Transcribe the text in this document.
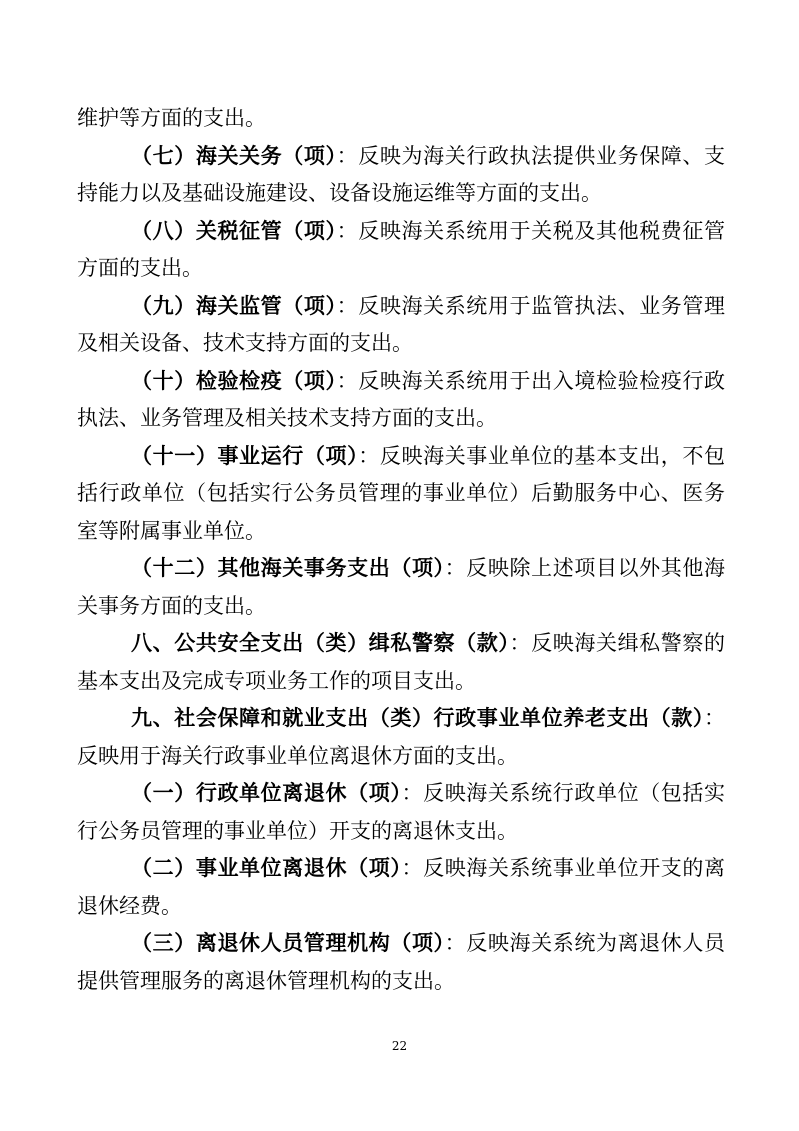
维护等方面的支出。

（七）海关关务（项）：反映为海关行政执法提供业务保障、支持能力以及基础设施建设、设备设施运维等方面的支出。

（八）关税征管（项）：反映海关系统用于关税及其他税费征管方面的支出。

（九）海关监管（项）：反映海关系统用于监管执法、业务管理及相关设备、技术支持方面的支出。

（十）检验检疫（项）：反映海关系统用于出入境检验检疫行政执法、业务管理及相关技术支持方面的支出。

（十一）事业运行（项）：反映海关事业单位的基本支出，不包括行政单位（包括实行公务员管理的事业单位）后勤服务中心、医务室等附属事业单位。

（十二）其他海关事务支出（项）：反映除上述项目以外其他海关事务方面的支出。

八、公共安全支出（类）缉私警察（款）：反映海关缉私警察的基本支出及完成专项业务工作的项目支出。

九、社会保障和就业支出（类）行政事业单位养老支出（款）：反映用于海关行政事业单位离退休方面的支出。

（一）行政单位离退休（项）：反映海关系统行政单位（包括实行公务员管理的事业单位）开支的离退休支出。

（二）事业单位离退休（项）：反映海关系统事业单位开支的离退休经费。

（三）离退休人员管理机构（项）：反映海关系统为离退休人员提供管理服务的离退休管理机构的支出。

22
